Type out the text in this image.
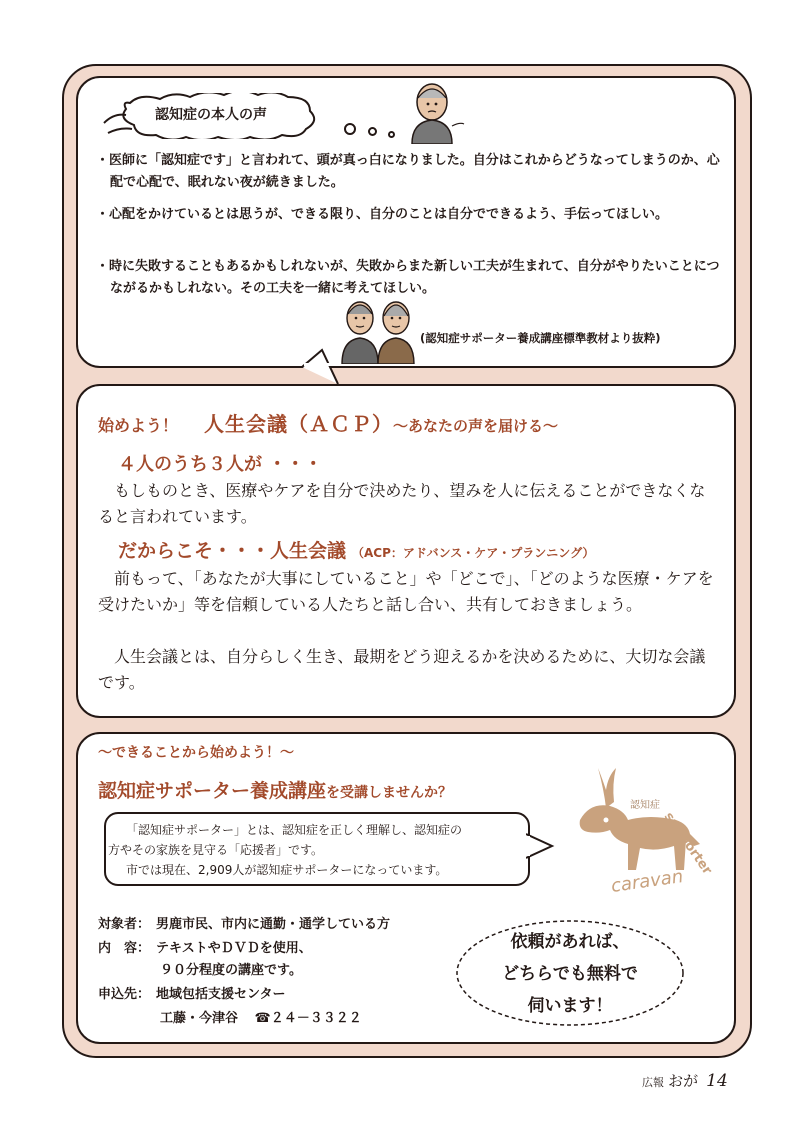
認知症の本人の声
・医師に「認知症です」と言われて、頭が真っ白になりました。自分はこれからどうなってしまうのか、心配で心配で、眠れない夜が続きました。
・心配をかけているとは思うが、できる限り、自分のことは自分でできるよう、手伝ってほしい。
・時に失敗することもあるかもしれないが、失敗からまた新しい工夫が生まれて、自分がやりたいことにつながるかもしれない。その工夫を一緒に考えてほしい。
(認知症サポーター養成講座標準教材より抜粋)
始めよう！ 人生会議（ＡＣＰ）～あなたの声を届ける～
４人のうち３人が ・・・
　もしものとき、医療やケアを自分で決めたり、望みを人に伝えることができなくなると言われています。
だからこそ・・・人生会議 （ACP：アドバンス・ケア・プランニング）
　前もって、「あなたが大事にしていること」や「どこで」、「どのような医療・ケアを受けたいか」等を信頼している人たちと話し合い、共有しておきましょう。
　人生会議とは、自分らしく生き、最期をどう迎えるかを決めるために、大切な会議です。
～できることから始めよう！～
認知症サポーター養成講座を受講しませんか？
「認知症サポーター」とは、認知症を正しく理解し、認知症の
方やその家族を見守る「応援者」です。
市では現在、2,909人が認知症サポーターになっています。
認知症
supporter
caravan
対象者： 男鹿市民、市内に通勤・通学している方
内　容： テキストやＤＶＤを使用、
９０分程度の講座です。
申込先： 地域包括支援センター
工藤・今津谷 ☎２４－３３２２
依頼があれば、
どちらでも無料で
伺います！
広報 おが 14
